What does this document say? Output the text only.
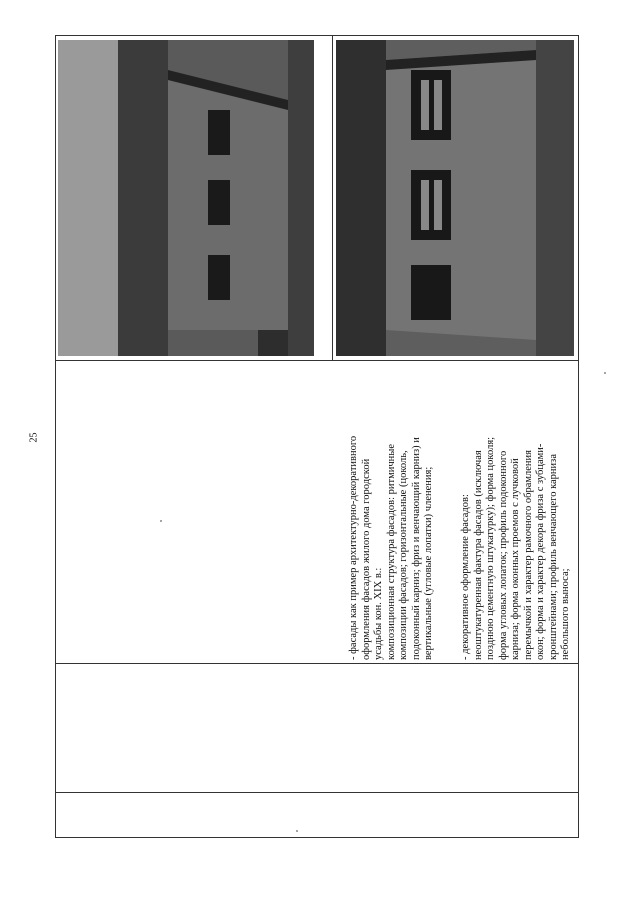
25	- фасады как пример архитектурно-декоративного оформления фасадов жилого дома городской усадьбы кон. XIX в.: композиционная структура фасадов: ритмичные композиции фасадов; горизонтальные (цоколь, подоконный карниз; фриз и венчающий карниз) и вертикальные (угловые лопатки) членения; - декоративное оформление фасадов: неоштукатуренная фактура фасадов (исключая позднюю цементную штукатурку); форма цоколя; форма угловых лопаток; профиль подоконного карниза; форма оконных проемов с лучковой перемычкой и характер рамочного обрамления окон; форма и характер декора фриза с зубцами- кронштейнами; профиль венчающего карниза небольшого выноса;
